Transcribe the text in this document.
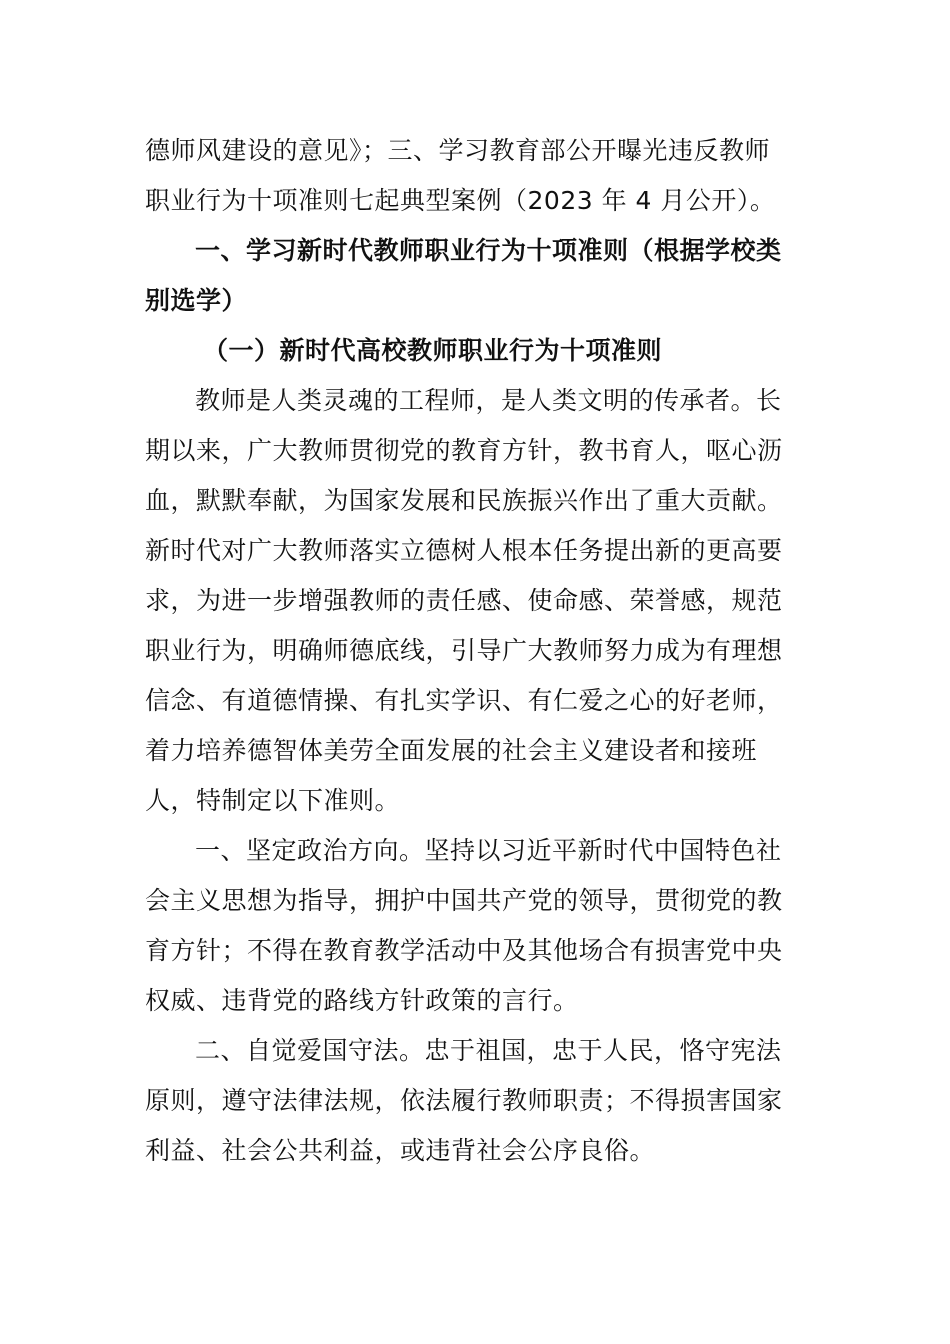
德师风建设的意见》；三、学习教育部公开曝光违反教师
职业行为十项准则七起典型案例（2023 年 4 月公开）。
一、学习新时代教师职业行为十项准则（根据学校类
别选学）
（一）新时代高校教师职业行为十项准则
教师是人类灵魂的工程师，是人类文明的传承者。长
期以来，广大教师贯彻党的教育方针，教书育人，呕心沥
血，默默奉献，为国家发展和民族振兴作出了重大贡献。
新时代对广大教师落实立德树人根本任务提出新的更高要
求，为进一步增强教师的责任感、使命感、荣誉感，规范
职业行为，明确师德底线，引导广大教师努力成为有理想
信念、有道德情操、有扎实学识、有仁爱之心的好老师，
着力培养德智体美劳全面发展的社会主义建设者和接班
人，特制定以下准则。
一、坚定政治方向。坚持以习近平新时代中国特色社
会主义思想为指导，拥护中国共产党的领导，贯彻党的教
育方针；不得在教育教学活动中及其他场合有损害党中央
权威、违背党的路线方针政策的言行。
二、自觉爱国守法。忠于祖国，忠于人民，恪守宪法
原则，遵守法律法规，依法履行教师职责；不得损害国家
利益、社会公共利益，或违背社会公序良俗。
